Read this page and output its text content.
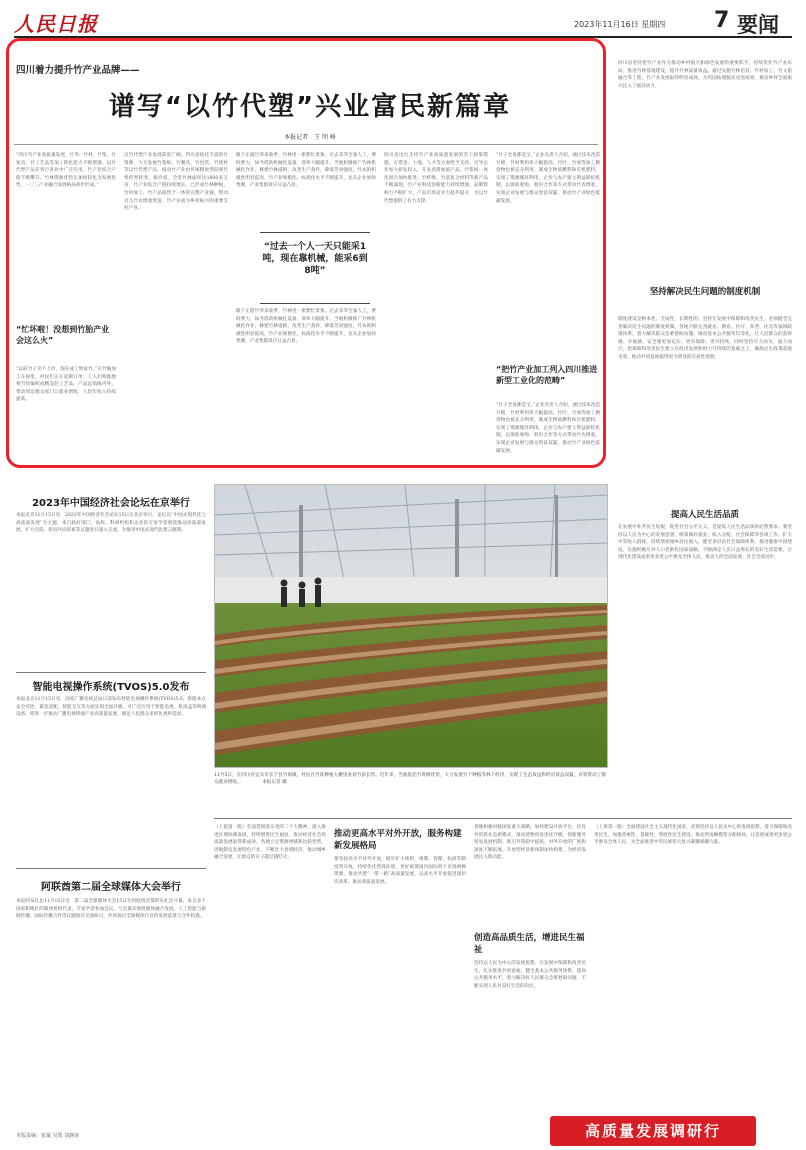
人民日报	2023年11月16日 星期四 7 要闻
四川着力提升竹产业品牌——
谱写“以竹代塑”兴业富民新篇章
本报记者　王 明 峰
“四川竹产业高质量发展，竹笋、竹材、竹浆、竹家具、竹工艺品等加工转化能力不断增强，以竹代塑产品在各行各业中广泛应用，竹产业综合产值不断攀升，竹林资源优势正加快转化为发展优势，一二三产业融合发展格局初步形成。”
“忙坏啦！没想到竹胎产业会这么火”
“以前竹子卖不上价，现在成了致富竹。”在竹编加工车间里，村民们正在赶制订单，工人们熟练地将竹丝编织成精美的工艺品，产品远销海内外，带动周边群众家门口就业增收，人均年收入持续提高。
以竹代塑产业发展前景广阔。四川省依托丰富的竹资源，大力发展竹浆纸、竹餐具、竹包装、竹建材等以竹代塑产品，推动竹产业由传统粗放型向现代集约型转变。据介绍，全省竹林面积达1800多万亩，竹产业综合产值持续增长，已形成竹林种植、竹材加工、竹产品销售于一体的完整产业链，带动百万竹农增收致富，竹产业成为乡村振兴的重要支柱产业。
眼下正值竹笋采收季，竹林里一派繁忙景象。过去采笋全靠人工，费时费力，如今借助机械化设备，效率大幅提升。当地积极推广竹林机械化作业，修建竹林道路，改善生产条件，降低劳动强度，竹农的积极性明显提高，竹产业规模化、标准化水平不断提升，龙头企业加快集聚，产业集群效应日益凸显。
“过去一个人一天只能采1吨，现在靠机械，能采6到8吨”
眼下正值竹笋采收季，竹林里一派繁忙景象。过去采笋全靠人工，费时费力，如今借助机械化设备，效率大幅提升。当地积极推广竹林机械化作业，修建竹林道路，改善生产条件，降低劳动强度，竹农的积极性明显提高，竹产业规模化、标准化水平不断提升，龙头企业加快集聚，产业集群效应日益凸显。
四川省出台支持竹产业高质量发展的若干政策措施，在资金、土地、人才等方面给予支持，引导企业加大研发投入，开发高附加值产品。竹浆纸一体化项目加快推进，竹纤维、竹基复合材料等新产品不断涌现，竹产业科技创新能力持续增强，品牌影响力不断扩大，产品市场竞争力稳步提升，为以竹代塑提供了有力支撑。
“竹子全身都是宝。”企业负责人介绍，通过技术改造升级，竹材利用率大幅提高，竹叶、竹屑等加工剩余物也被充分利用，制成生物质燃料和有机肥料，实现了资源循环利用。企业与农户建立利益联结机制，以保底收购、股份合作等方式带动竹农增收，实现企业发展与群众致富双赢，推动竹产业绿色低碳发展。
“把竹产业加工列入四川推进新型工业化的范畴”
“竹子全身都是宝。”企业负责人介绍，通过技术改造升级，竹材利用率大幅提高，竹叶、竹屑等加工剩余物也被充分利用，制成生物质燃料和有机肥料，实现了资源循环利用。企业与农户建立利益联结机制，以保底收购、股份合作等方式带动竹农增收，实现企业发展与群众致富双赢，推动竹产业绿色低碳发展。
四川省坚持把竹产业作为推动乡村振兴和绿色发展的重要抓手，持续优化竹产业布局，推进竹林基地建设，提升竹林质量效益。通过实施竹林培育、竹材加工、竹文旅融合等工程，竹产业发展取得明显成效，为巩固拓展脱贫攻坚成果、推动乡村全面振兴注入了强劲动力。
坚持解决民生问题的制度机制
制度建设是根本性、全局性、长期性的。坚持在发展中保障和改善民生，必须健全完善解决民生问题的制度机制。各地不断完善就业、教育、医疗、养老、住房等领域政策体系，着力解决群众急难愁盼问题，推动基本公共服务均等化，让人民群众的获得感、幸福感、安全感更加充实、更有保障、更可持续。同时坚持尽力而为、量力而行，把保障和改善民生建立在经济发展和财力可持续的基础之上，确保民生政策落地见效，推动共同富裕取得更为明显的实质性进展。
提高人民生活品质
在发展中补齐民生短板，促进社会公平正义，是提高人民生活品质的必然要求。要坚持以人民为中心的发展思想，统筹做好就业、收入分配、社会保障等各项工作，扩大中等收入群体，持续增加城乡居民收入，健全多层次社会保障体系，推进健康中国建设，实施积极应对人口老龄化国家战略，不断满足人民日益增长的美好生活需要，让现代化建设成果更多更公平惠及全体人民，推动人的全面发展、社会全面进步。
2023年中国经济社会论坛在京举行
本报北京11月15日电　2023年中国经济社会论坛15日在北京举行。论坛以“中国式现代化与高质量发展”为主题，来自政府部门、高校、科研机构和企业的专家学者围绕推动高质量发展、扩大内需、促进共同富裕等议题进行深入交流，为推进中国式现代化建言献策。
智能电视操作系统(TVOS)5.0发布
本报北京11月15日电　国家广播电视总局日前发布智能电视操作系统(TVOS)5.0。新版本在安全可控、兼容适配、智能交互等方面实现全面升级，可广泛应用于智能电视、机顶盒等终端设备，将进一步推动广播电视终端产业高质量发展，满足人民群众多样化视听需求。
阿联酋第二届全球媒体大会举行
本报阿布扎比11月15日电　第二届全球媒体大会15日在阿联酋首都阿布扎比开幕，来自多个国家和地区的媒体机构代表、专家学者参加会议。与会嘉宾围绕媒体融合发展、人工智能与新闻传播、国际传播合作等议题展开交流研讨，共同探讨全球媒体行业的发展前景与合作机遇。
11月5日，在四川省宜宾市长宁县竹海镇，村民在竹荪种植大棚里查看竹荪长势。近年来，当地依托竹资源优势，大力发展竹下种植等林下经济，实现了生态效益和经济效益双赢，有效带动了群众就业增收。　　　　　本报记者 摄
（上接第一版）全面贯彻落实党的二十大精神，深入推进区域协调发展，持续增进民生福祉，推动经济社会高质量发展取得新成效。各地立足资源禀赋和比较优势，因地制宜发展特色产业，不断壮大县域经济，推动城乡融合发展，让群众的日子越过越红火。
推动更高水平对外开放，服务构建新发展格局
要坚持高水平对外开放，稳步扩大规则、规制、管理、标准等制度型开放，持续优化营商环境，更好统筹国内国际两个市场两种资源，推动共建“一带一路”高质量发展，以高水平开放促进深层次改革、推动高质量发展。
各地积极对接国家重大战略，加快建设开放平台，培育外贸新业态新模式，推动货物贸易优化升级，创新服务贸易发展机制，吸引外资稳中提质，对外开放的广度和深度不断拓展，开放型经济新体制加快构建，为经济发展注入新动能。
创造高品质生活，增进民生福祉
坚持以人民为中心的发展思想，在发展中保障和改善民生，扎实推进共同富裕，健全基本公共服务体系，提高公共服务水平，着力解决好人民群众急难愁盼问题，不断实现人民对美好生活的向往。
（上接第一版）全面建设社会主义现代化国家，必须坚持以人民为中心的发展思想，着力保障和改善民生，加强普惠性、基础性、兜底性民生建设，推动形成橄榄型分配格局，让发展成果更多更公平惠及全体人民，为全面推进中华民族伟大复兴凝聚磅礴力量。
本版责编：崔斌 吴凯 刘静涛	高质量发展调研行
